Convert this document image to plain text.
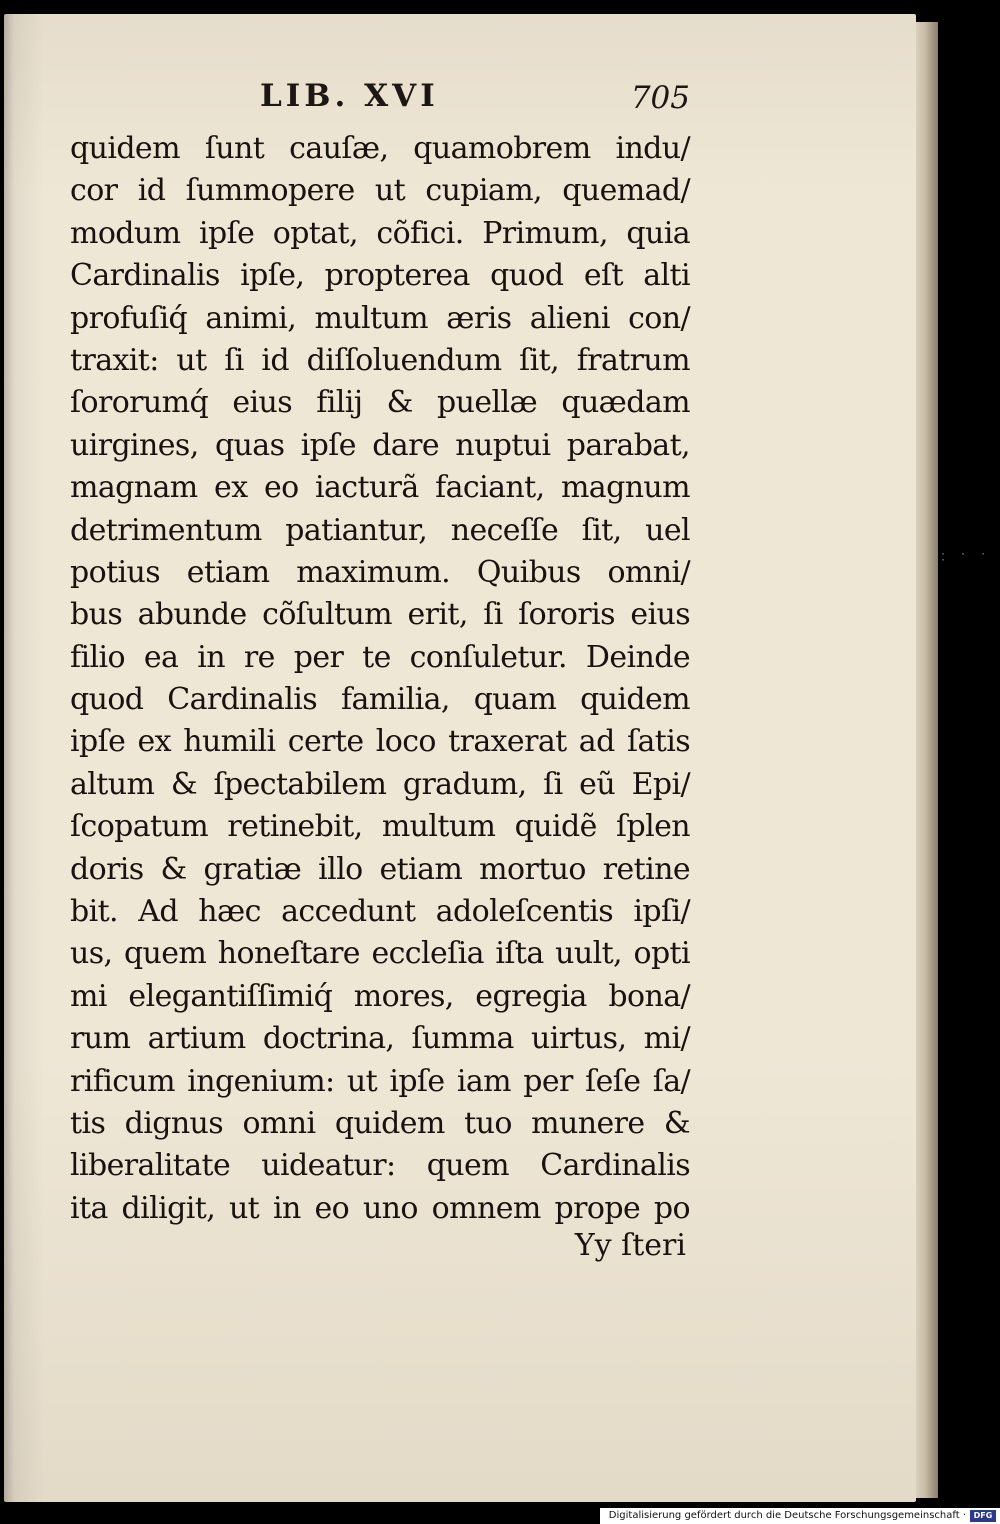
· · · ·
LIB. XVI	705
quidem ſunt cauſæ, quamobrem indu/
cor id ſummopere ut cupiam, quemad/
modum ipſe optat, cõfici. Primum, quia
Cardinalis ipſe, propterea quod eſt alti
profuſiq́ animi, multum æris alieni con/
traxit: ut ſi id diſſoluendum ſit, fratrum
ſororumq́ eius filij & puellæ quædam
uirgines, quas ipſe dare nuptui parabat,
magnam ex eo iacturã faciant, magnum
detrimentum patiantur, neceſſe ſit, uel
potius etiam maximum. Quibus omni/
bus abunde cõſultum erit, ſi ſororis eius
filio ea in re per te conſuletur. Deinde
quod Cardinalis familia, quam quidem
ipſe ex humili certe loco traxerat ad ſatis
altum & ſpectabilem gradum, ſi eũ Epi/
ſcopatum retinebit, multum quidẽ ſplen
doris & gratiæ illo etiam mortuo retine
bit. Ad hæc accedunt adoleſcentis ipſi/
us, quem honeſtare eccleſia iſta uult, opti
mi elegantiſſimiq́ mores, egregia bona/
rum artium doctrina, ſumma uirtus, mi/
rificum ingenium: ut ipſe iam per ſeſe ſa/
tis dignus omni quidem tuo munere &
liberalitate uideatur: quem Cardinalis
ita diligit, ut in eo uno omnem prope po
Yy ſteri
Digitalisierung gefördert durch die Deutsche Forschungsgemeinschaft · DFG
